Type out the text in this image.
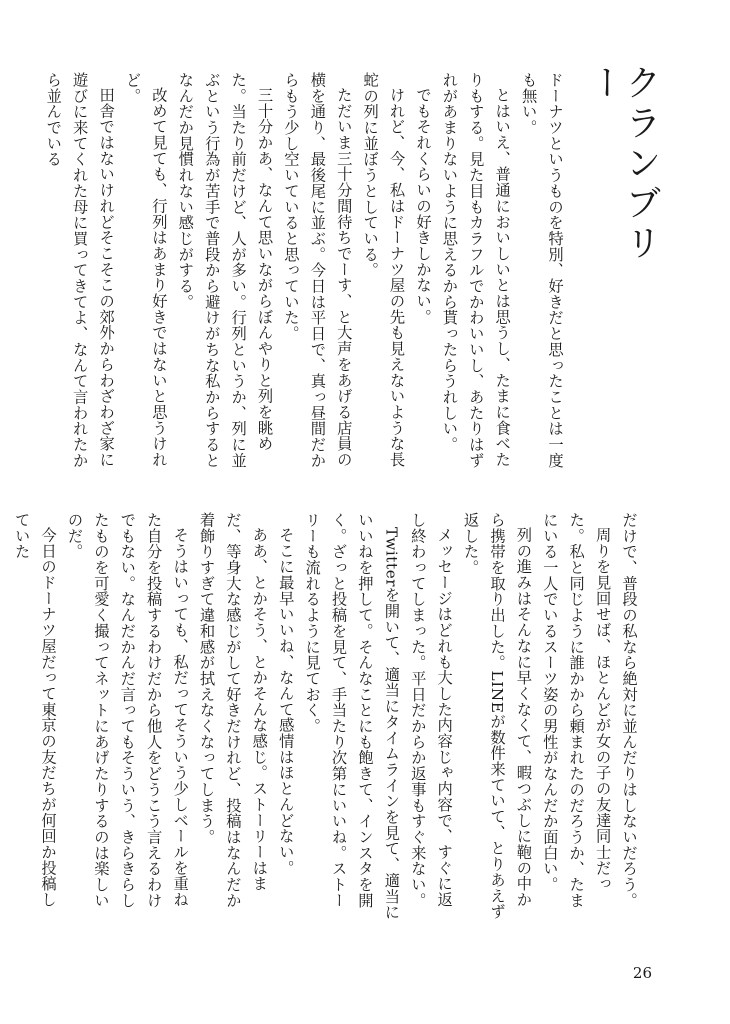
クランブリー

ドーナツというものを特別、好きだと思ったことは一度も無い。

とはいえ、普通においしいとは思うし、たまに食べたりもする。見た目もカラフルでかわいいし、あたりはずれがあまりないように思えるから貰ったらうれしい。

でもそれくらいの好きしかない。

けれど、今、私はドーナツ屋の先も見えないような長蛇の列に並ぼうとしている。

ただいま三十分間待ちでーす、と大声をあげる店員の横を通り、最後尾に並ぶ。今日は平日で、真っ昼間だからもう少し空いていると思っていた。

三十分かあ、なんて思いながらぼんやりと列を眺めた。当たり前だけど、人が多い。行列というか、列に並ぶという行為が苦手で普段から避けがちな私からするとなんだか見慣れない感じがする。

改めて見ても、行列はあまり好きではないと思うけれど。

田舎ではないけれどそこそこの郊外からわざわざ家に遊びに来てくれた母に買ってきてよ、なんて言われたから並んでいる

だけで、普段の私なら絶対に並んだりはしないだろう。

周りを見回せば、ほとんどが女の子の友達同士だった。私と同じように誰かから頼まれたのだろうか、たまにいる一人でいるスーツ姿の男性がなんだか面白い。

列の進みはそんなに早くなくて、暇つぶしに鞄の中から携帯を取り出した。LINEが数件来ていて、とりあえず返した。

メッセージはどれも大した内容じゃ内容で、すぐに返し終わってしまった。平日だからか返事もすぐ来ない。

Twitterを開いて、適当にタイムラインを見て、適当にいいねを押して。そんなことにも飽きて、インスタを開く。ざっと投稿を見て、手当たり次第にいいね。ストーリーも流れるように見ておく。

そこに最早いいね、なんて感情はほとんどない。

ああ、とかそう、とかそんな感じ。ストーリーはまだ、等身大な感じがして好きだけれど、投稿はなんだか着飾りすぎて違和感が拭えなくなってしまう。

そうはいっても、私だってそういう少しベールを重ねた自分を投稿するわけだから他人をどうこう言えるわけでもない。なんだかんだ言ってもそういう、きらきらしたものを可愛く撮ってネットにあげたりするのは楽しいのだ。

今日のドーナツ屋だって東京の友だちが何回か投稿していた

26
